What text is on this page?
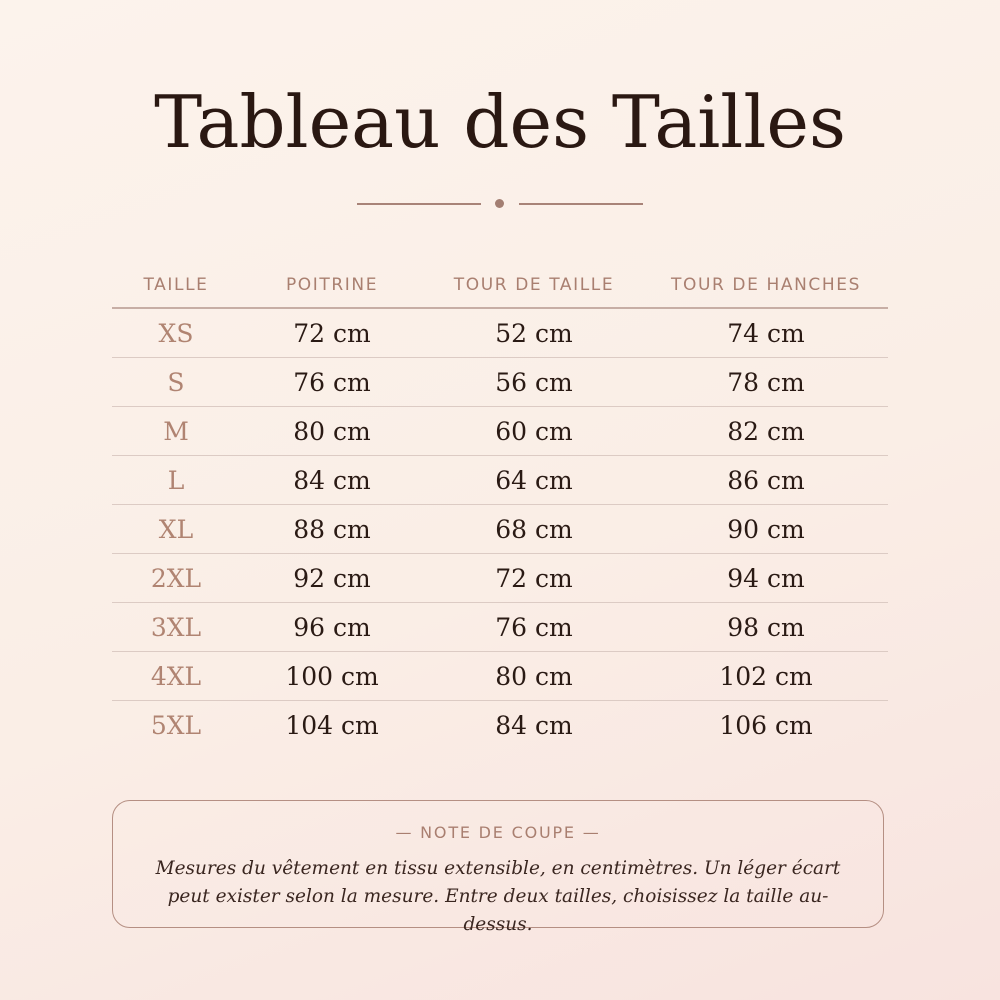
Tableau des Tailles
TAILLE	POITRINE	TOUR DE TAILLE	TOUR DE HANCHES
XS	72 cm	52 cm	74 cm
S	76 cm	56 cm	78 cm
M	80 cm	60 cm	82 cm
L	84 cm	64 cm	86 cm
XL	88 cm	68 cm	90 cm
2XL	92 cm	72 cm	94 cm
3XL	96 cm	76 cm	98 cm
4XL	100 cm	80 cm	102 cm
5XL	104 cm	84 cm	106 cm
— NOTE DE COUPE —
Mesures du vêtement en tissu extensible, en centimètres. Un léger écart peut exister selon la mesure. Entre deux tailles, choisissez la taille au-dessus.
